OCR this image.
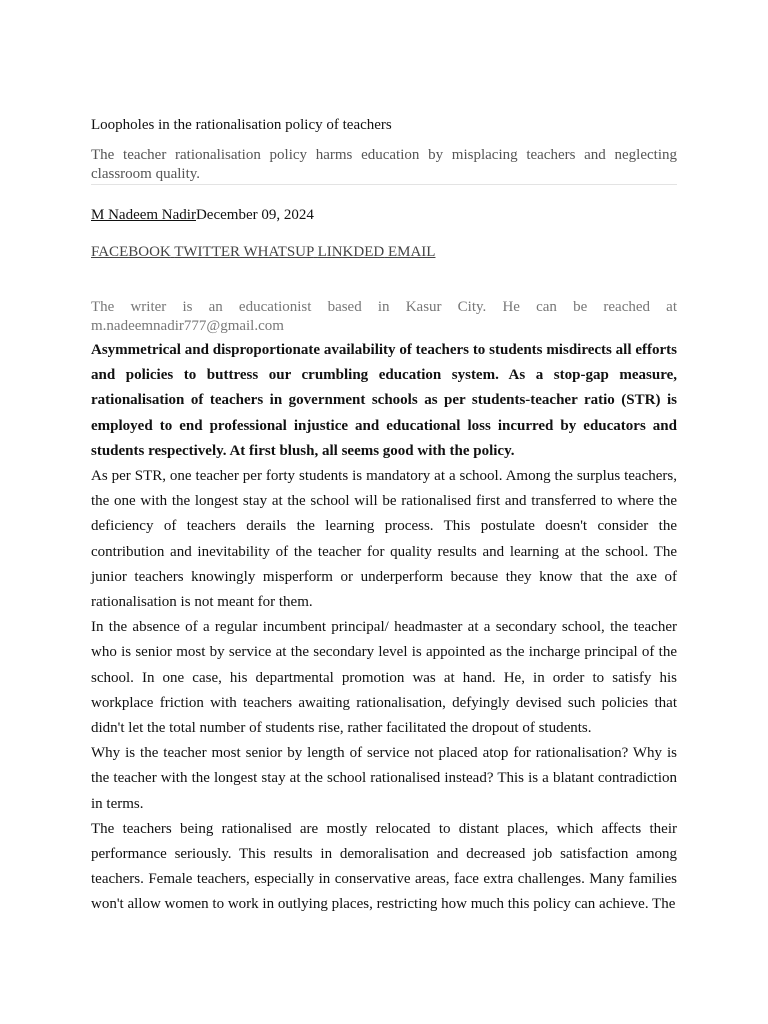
Loopholes in the rationalisation policy of teachers
The teacher rationalisation policy harms education by misplacing teachers and neglecting classroom quality.
M Nadeem NadirDecember 09, 2024
FACEBOOK TWITTER WHATSUP LINKDED EMAIL
The writer is an educationist based in Kasur City. He can be reached at m.nadeemnadir777@gmail.com

Asymmetrical and disproportionate availability of teachers to students misdirects all efforts and policies to buttress our crumbling education system. As a stop-gap measure, rationalisation of teachers in government schools as per students-teacher ratio (STR) is employed to end professional injustice and educational loss incurred by educators and students respectively. At first blush, all seems good with the policy.

As per STR, one teacher per forty students is mandatory at a school. Among the surplus teachers, the one with the longest stay at the school will be rationalised first and transferred to where the deficiency of teachers derails the learning process. This postulate doesn't consider the contribution and inevitability of the teacher for quality results and learning at the school. The junior teachers knowingly misperform or underperform because they know that the axe of rationalisation is not meant for them.

In the absence of a regular incumbent principal/ headmaster at a secondary school, the teacher who is senior most by service at the secondary level is appointed as the incharge principal of the school. In one case, his departmental promotion was at hand. He, in order to satisfy his workplace friction with teachers awaiting rationalisation, defyingly devised such policies that didn't let the total number of students rise, rather facilitated the dropout of students.

Why is the teacher most senior by length of service not placed atop for rationalisation? Why is the teacher with the longest stay at the school rationalised instead? This is a blatant contradiction in terms.

The teachers being rationalised are mostly relocated to distant places, which affects their performance seriously. This results in demoralisation and decreased job satisfaction among teachers. Female teachers, especially in conservative areas, face extra challenges. Many families won't allow women to work in outlying places, restricting how much this policy can achieve. The
